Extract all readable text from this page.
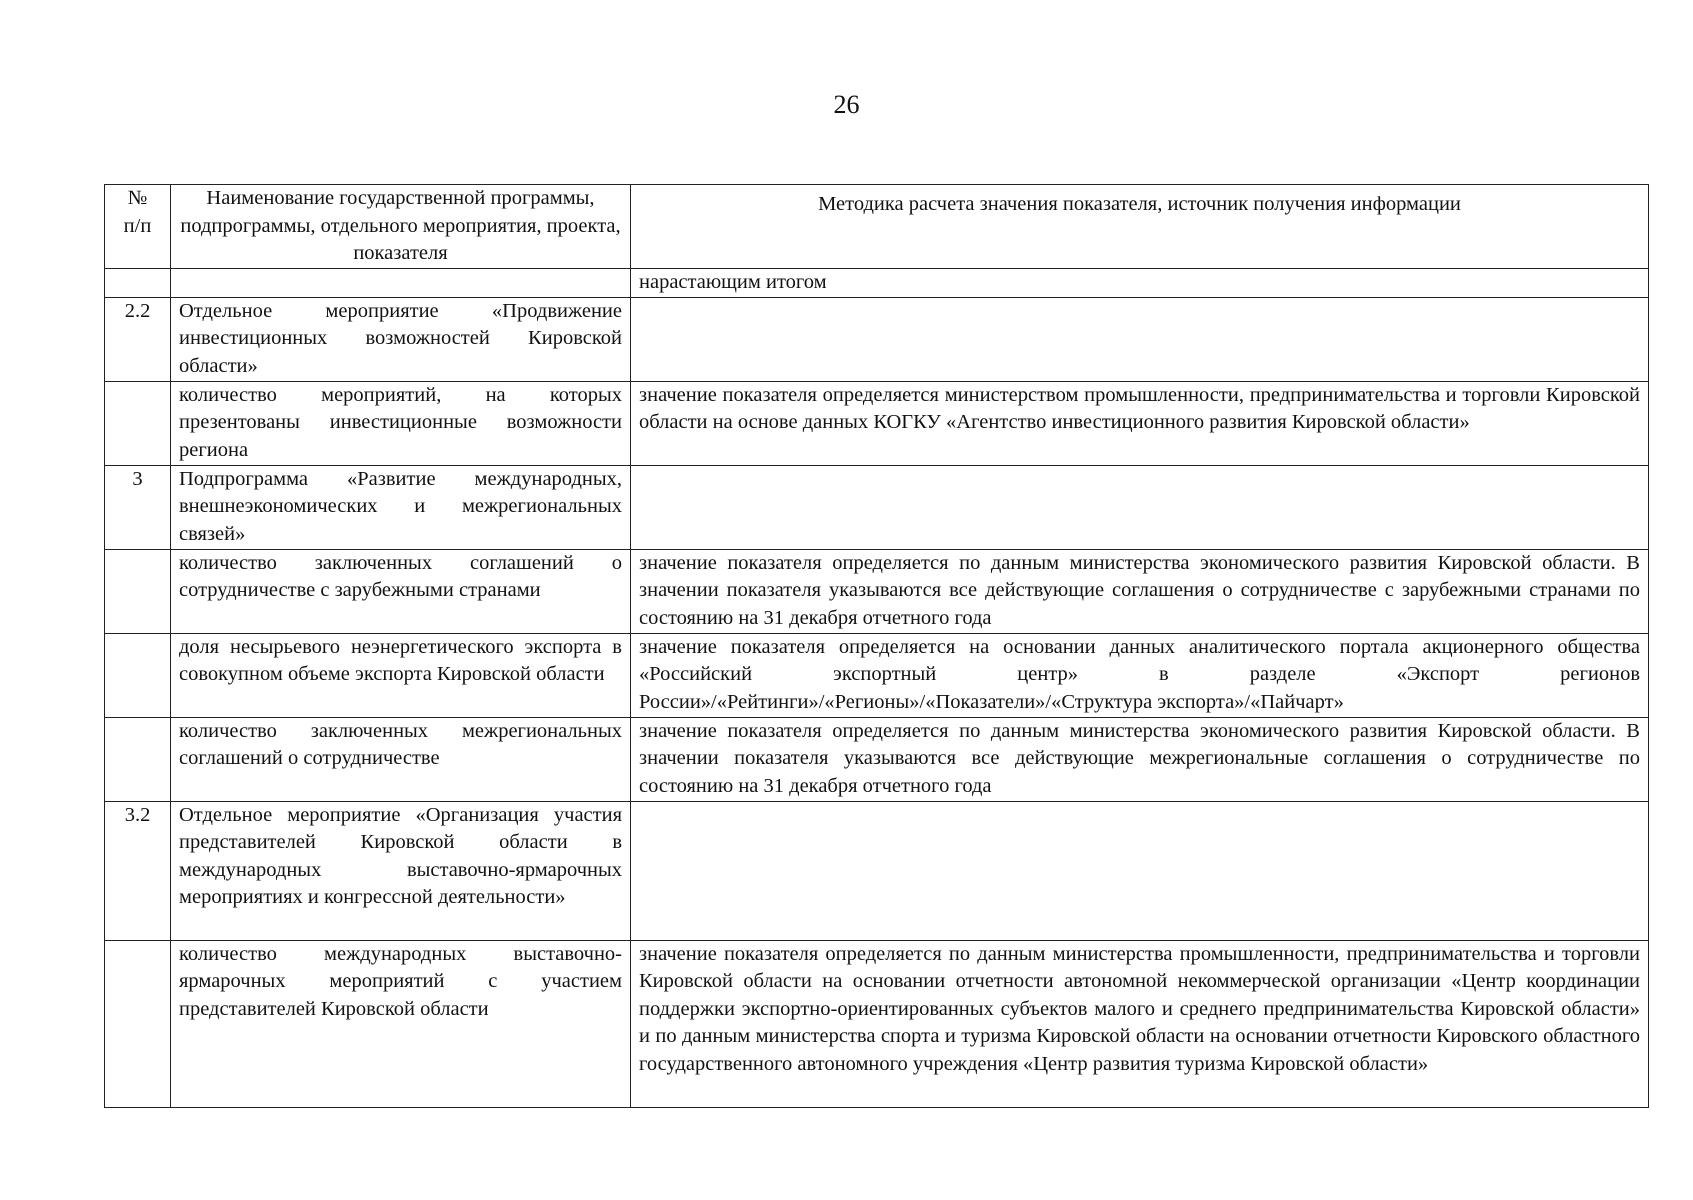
26
№
п/п	Наименование государственной программы, подпрограммы, отдельного мероприятия, проекта, показателя	Методика расчета значения показателя, источник получения информации
		нарастающим итогом
2.2	Отдельное мероприятие «Продвижение инвестиционных возможностей Кировской области»	
	количество мероприятий, на которых презентованы инвестиционные возможности региона	значение показателя определяется министерством промышленности, предпринимательства и торговли Кировской области на основе данных КОГКУ «Агентство инвестиционного развития Кировской области»
3	Подпрограмма «Развитие международных, внешнеэкономических и межрегиональных связей»	
	количество заключенных соглашений о сотрудничестве с зарубежными странами	значение показателя определяется по данным министерства экономического развития Кировской области. В значении показателя указываются все действующие соглашения о сотрудничестве с зарубежными странами по состоянию на 31 декабря отчетного года
	доля несырьевого неэнергетического экспорта в совокупном объеме экспорта Кировской области	значение показателя определяется на основании данных аналитического портала акционерного общества «Российский экспортный центр» в разделе «Экспорт регионов России»/«Рейтинги»/«Регионы»/«Показатели»/«Структура экспорта»/«Пайчарт»
	количество заключенных межрегиональных соглашений о сотрудничестве	значение показателя определяется по данным министерства экономического развития Кировской области. В значении показателя указываются все действующие межрегиональные соглашения о сотрудничестве по состоянию на 31 декабря отчетного года
3.2	Отдельное мероприятие «Организация участия представителей Кировской области в международных выставочно-ярмарочных мероприятиях и конгрессной деятельности»	
	количество международных выставочно-ярмарочных мероприятий с участием представителей Кировской области	значение показателя определяется по данным министерства промышленности, предпринимательства и торговли Кировской области на основании отчетности автономной некоммерческой организации «Центр координации поддержки экспортно-ориентированных субъектов малого и среднего предпринимательства Кировской области» и по данным министерства спорта и туризма Кировской области на основании отчетности Кировского областного государственного автономного учреждения «Центр развития туризма Кировской области»
